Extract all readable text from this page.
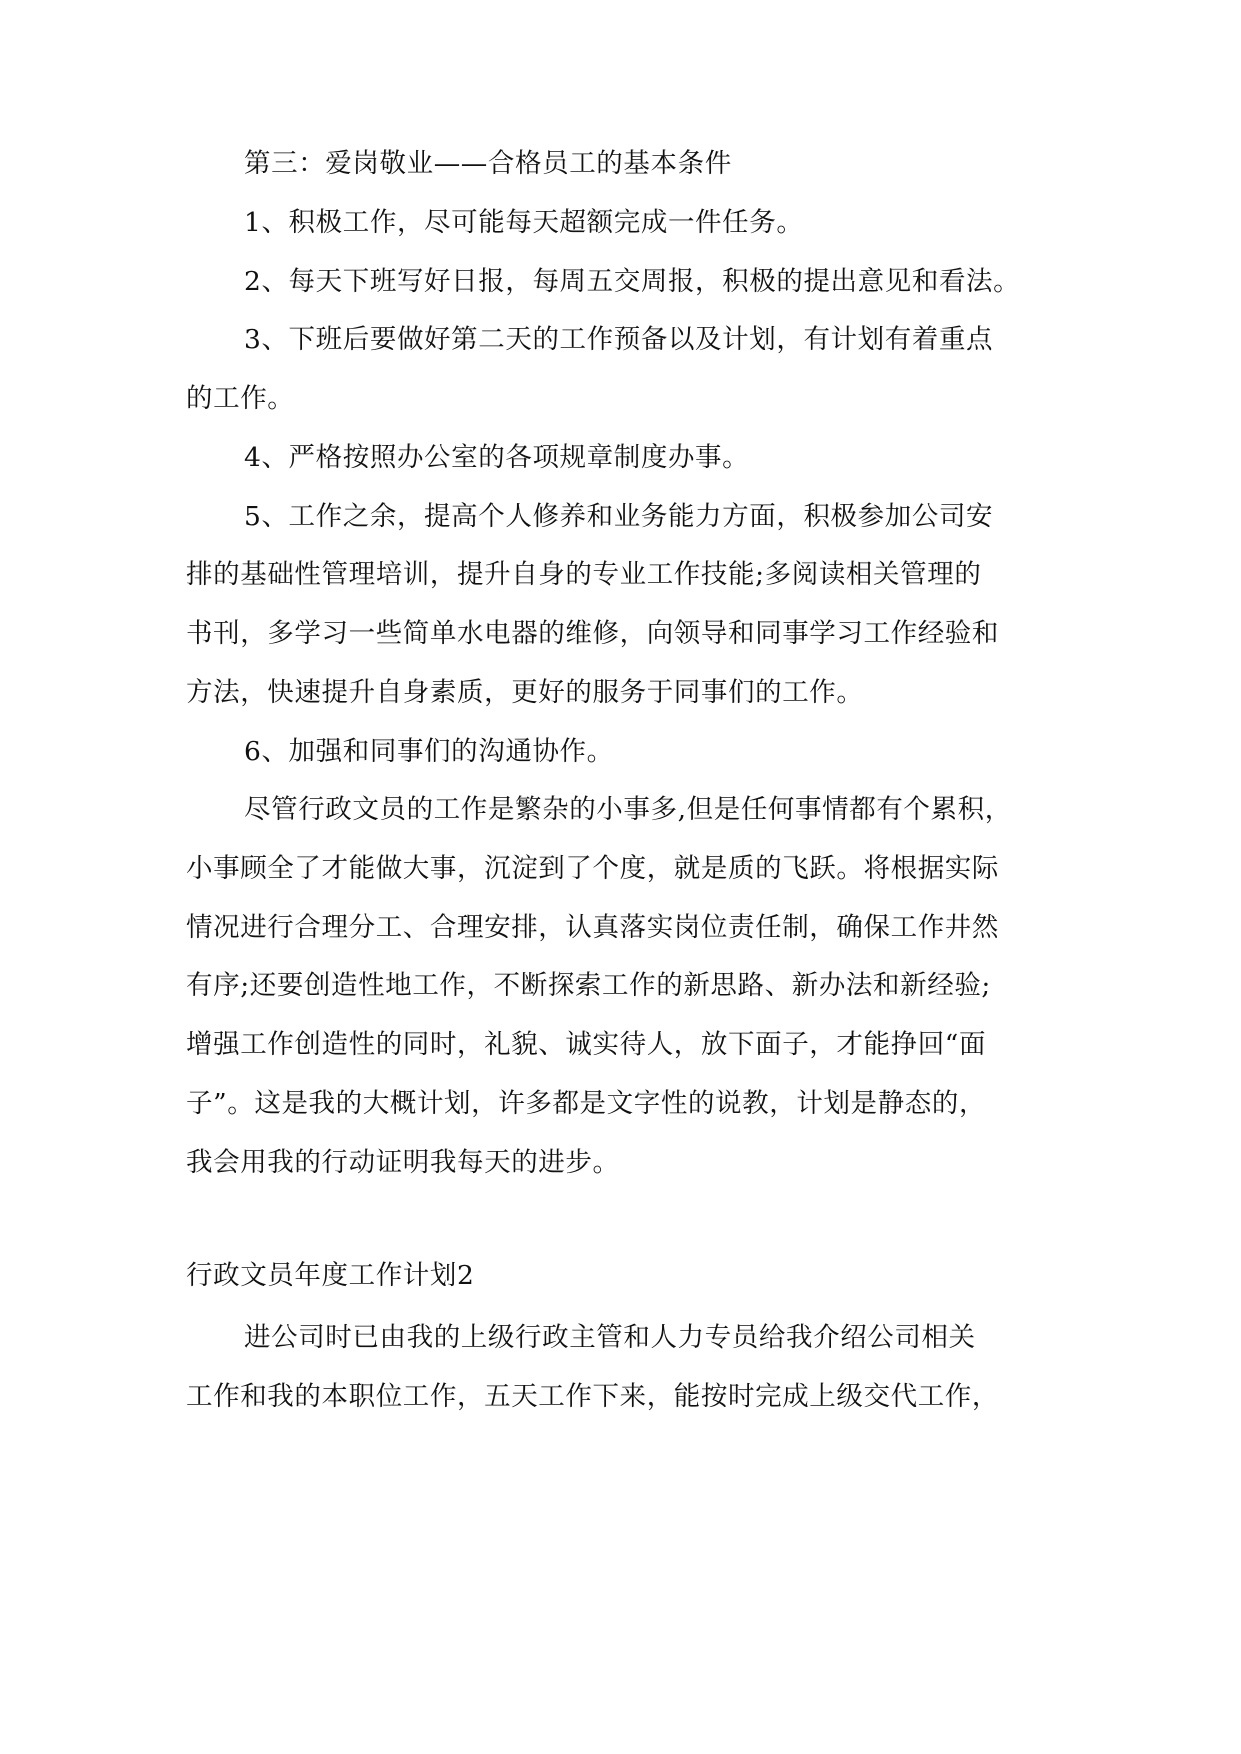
第三：爱岗敬业——合格员工的基本条件
1、积极工作，尽可能每天超额完成一件任务。
2、每天下班写好日报，每周五交周报，积极的提出意见和看法。
3、下班后要做好第二天的工作预备以及计划，有计划有着重点
的工作。
4、严格按照办公室的各项规章制度办事。
5、工作之余，提高个人修养和业务能力方面，积极参加公司安
排的基础性管理培训，提升自身的专业工作技能;多阅读相关管理的
书刊，多学习一些简单水电器的维修，向领导和同事学习工作经验和
方法，快速提升自身素质，更好的服务于同事们的工作。
6、加强和同事们的沟通协作。
尽管行政文员的工作是繁杂的小事多,但是任何事情都有个累积，
小事顾全了才能做大事，沉淀到了个度，就是质的飞跃。将根据实际
情况进行合理分工、合理安排，认真落实岗位责任制，确保工作井然
有序;还要创造性地工作，不断探索工作的新思路、新办法和新经验;
增强工作创造性的同时，礼貌、诚实待人，放下面子，才能挣回“面
子”。这是我的大概计划，许多都是文字性的说教，计划是静态的，
我会用我的行动证明我每天的进步。
行政文员年度工作计划2
进公司时已由我的上级行政主管和人力专员给我介绍公司相关
工作和我的本职位工作，五天工作下来，能按时完成上级交代工作，
